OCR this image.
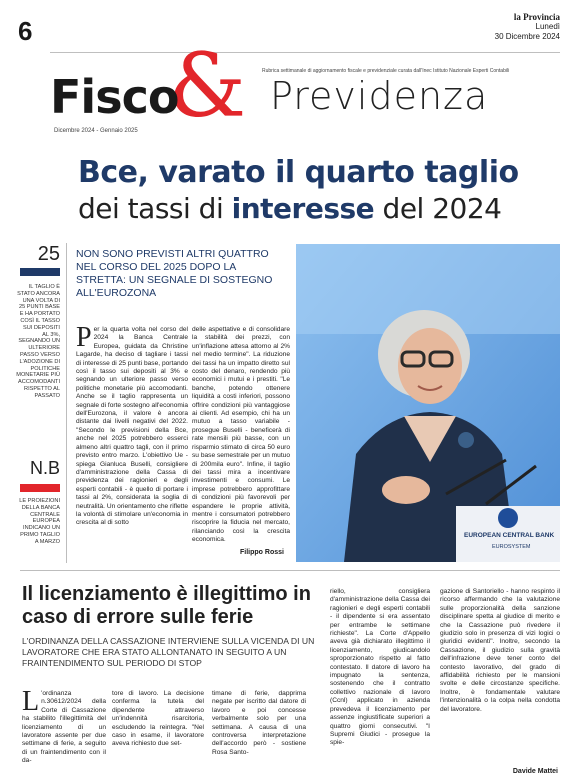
6	la Provincia
Lunedì
30 Dicembre 2024
Rubrica settimanale di aggiornamento fiscale e previdenziale curata dall'Inec Istituto Nazionale Esperti Contabili
&
Fisco Previdenza
Dicembre 2024 - Gennaio 2025
Bce, varato il quarto taglio
dei tassi di interesse del 2024
25
IL TAGLIO È STATO ANCORA UNA VOLTA DI 25 PUNTI BASE E HA PORTATO COSÌ IL TASSO SUI DEPOSITI AL 3%, SEGNANDO UN ULTERIORE PASSO VERSO L'ADOZIONE DI POLITICHE MONETARIE PIÙ ACCOMODANTI RISPETTO AL PASSATO
N.B
LE PROIEZIONI DELLA BANCA CENTRALE EUROPEA INDICANO UN PRIMO TAGLIO A MARZO
NON SONO PREVISTI ALTRI QUATTRO NEL CORSO DEL 2025 DOPO LA STRETTA: UN SEGNALE DI SOSTEGNO ALL'EUROZONA
Per la quarta volta nel corso del 2024 la Banca Centrale Europea, guidata da Christine Lagarde, ha deciso di tagliare i tassi di interesse di 25 punti base, portando così il tasso sui depositi al 3% e segnando un ulteriore passo verso politiche monetarie più accomodanti. Anche se il taglio rappresenta un segnale di forte sostegno all'economia dell'Eurozona, il valore è ancora distante dai livelli negativi del 2022. "Secondo le previsioni della Bce, anche nel 2025 potrebbero esserci almeno altri quattro tagli, con il primo previsto entro marzo. L'obiettivo Ue - spiega Gianluca Buselli, consigliere d'amministrazione della Cassa di previdenza dei ragionieri e degli esperti contabili - è quello di portare i tassi al 2%, considerata la soglia di neutralità. Un orientamento che riflette la volontà di stimolare un'economia in crescita al di sotto
delle aspettative e di consolidare la stabilità dei prezzi, con un'inflazione attesa attorno al 2% nel medio termine". La riduzione dei tassi ha un impatto diretto sul costo del denaro, rendendo più economici i mutui e i prestiti. "Le banche, potendo ottenere liquidità a costi inferiori, possono offrire condizioni più vantaggiose ai clienti. Ad esempio, chi ha un mutuo a tasso variabile - prosegue Buselli - beneficerà di rate mensili più basse, con un risparmio stimato di circa 50 euro su base semestrale per un mutuo di 200mila euro". Infine, il taglio dei tassi mira a incentivare investimenti e consumi. Le imprese potrebbero approfittare di condizioni più favorevoli per espandere le proprie attività, mentre i consumatori potrebbero riscoprire la fiducia nel mercato, rilanciando così la crescita economica.
Filippo Rossi
EUROPEAN CENTRAL BANK
EUROSYSTEM
Il licenziamento è illegittimo in caso di errore sulle ferie
L'ORDINANZA DELLA CASSAZIONE INTERVIENE SULLA VICENDA DI UN LAVORATORE CHE ERA STATO ALLONTANATO IN SEGUITO A UN FRAINTENDIMENTO SUL PERIODO DI STOP
L 'ordinanza n.30612/2024 della Corte di Cassazione ha stabilito l'illegittimità del licenziamento di un lavoratore assente per due settimane di ferie, a seguito di un fraintendimento con il da-
tore di lavoro. La decisione conferma la tutela del dipendente attraverso un'indennità risarcitoria, escludendo la reintegra. "Nel caso in esame, il lavoratore aveva richiesto due set-
timane di ferie, dapprima negate per iscritto dal datore di lavoro e poi concesse verbalmente solo per una settimana. A causa di una controversa interpretazione dell'accordo però - sostiene Rosa Santo-
riello, consigliera d'amministrazione della Cassa dei ragionieri e degli esperti contabili - il dipendente si era assentato per entrambe le settimane richieste". La Corte d'Appello aveva già dichiarato illegittimo il licenziamento, giudicandolo sproporzionato rispetto al fatto contestato. Il datore di lavoro ha impugnato la sentenza, sostenendo che il contratto collettivo nazionale di lavoro (Ccnl) applicato in azienda prevedeva il licenziamento per assenze ingiustificate superiori a quattro giorni consecutivi. "I Supremi Giudici - prosegue la spie-
gazione di Santoriello - hanno respinto il ricorso affermando che la valutazione sulle proporzionalità della sanzione disciplinare spetta al giudice di merito e che la Cassazione può rivedere il giudizio solo in presenza di vizi logici o giuridici evidenti". Inoltre, secondo la Cassazione, il giudizio sulla gravità dell'infrazione deve tener conto del contesto lavorativo, del grado di affidabilità richiesto per le mansioni svolte e delle circostanze specifiche. Inoltre, è fondamentale valutare l'intenzionalità o la colpa nella condotta del lavoratore.
Davide Mattei
